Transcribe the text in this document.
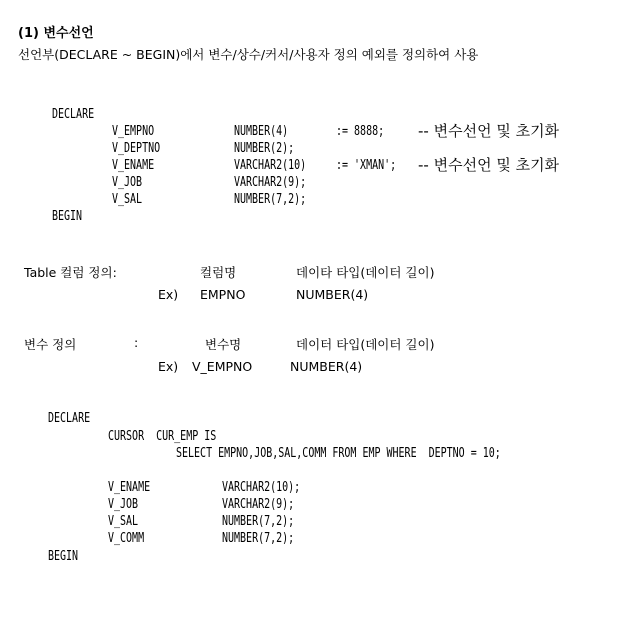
(1) 변수선언
선언부(DECLARE ~ BEGIN)에서 변수/상수/커서/사용자 정의 예외를 정의하여 사용
DECLARE
V_EMPNO	NUMBER(4)	:= 8888; -- 변수선언 및 초기화
V_DEPTNO	NUMBER(2);
V_ENAME	VARCHAR2(10) := 'XMAN'; -- 변수선언 및 초기화
V_JOB	VARCHAR2(9);
V_SAL	NUMBER(7,2);
BEGIN
Table 컬럼 정의:	컬럼명	데이타 타입(데이터 길이)
Ex) EMPNO	NUMBER(4)
변수 정의	:	변수명	데이터 타입(데이터 길이)
Ex) V_EMPNO	NUMBER(4)
DECLARE
CURSOR  CUR_EMP IS
SELECT EMPNO,JOB,SAL,COMM FROM EMP WHERE  DEPTNO = 10;
V_ENAME	VARCHAR2(10);
V_JOB	VARCHAR2(9);
V_SAL	NUMBER(7,2);
V_COMM	NUMBER(7,2);
BEGIN
